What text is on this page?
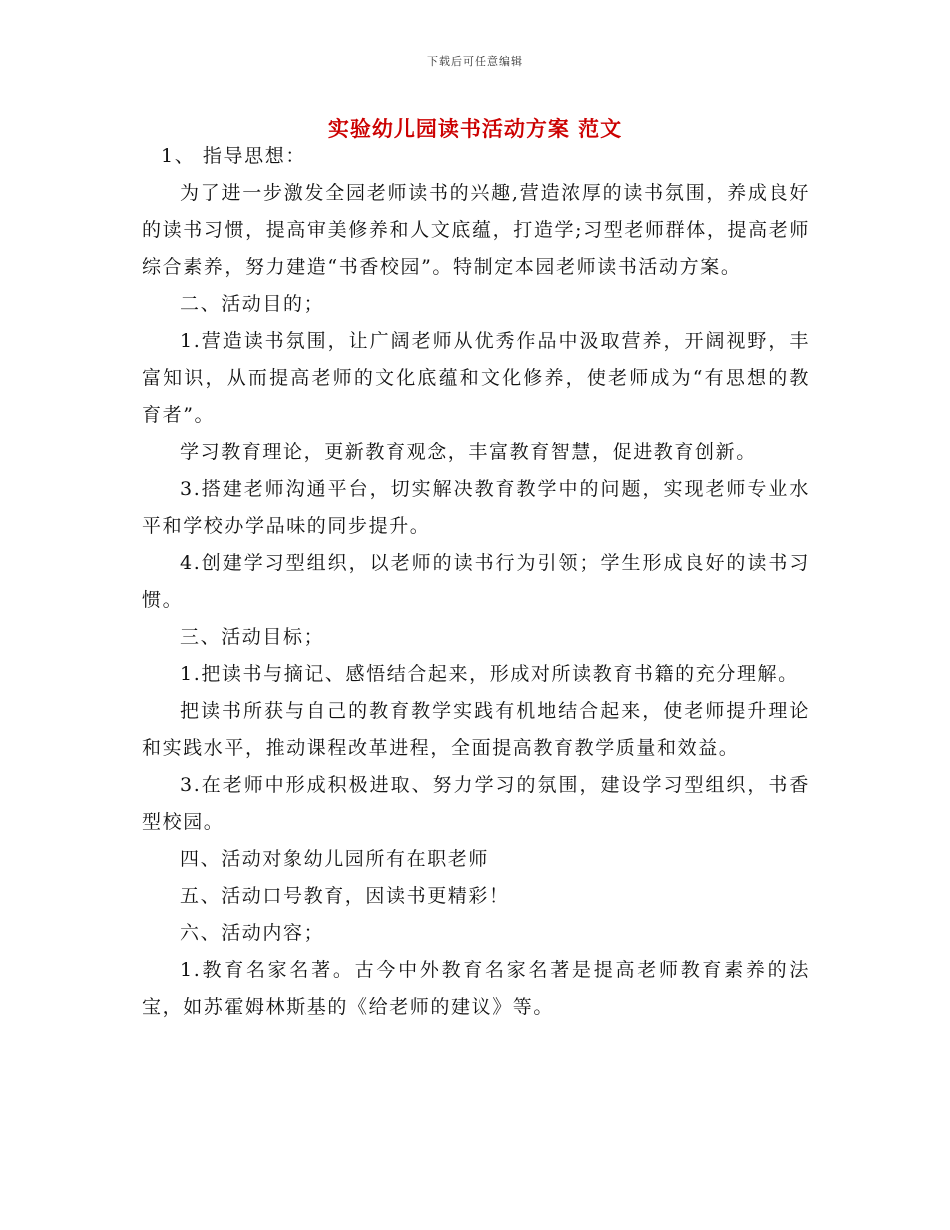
下载后可任意编辑
实验幼儿园读书活动方案 范文

1、 指导思想：

为了进一步激发全园老师读书的兴趣,营造浓厚的读书氛围，养成良好的读书习惯，提高审美修养和人文底蕴，打造学;习型老师群体，提高老师综合素养，努力建造“书香校园”。特制定本园老师读书活动方案。

二、活动目的；

1.营造读书氛围，让广阔老师从优秀作品中汲取营养，开阔视野，丰富知识，从而提高老师的文化底蕴和文化修养，使老师成为“有思想的教育者”。

学习教育理论，更新教育观念，丰富教育智慧，促进教育创新。

3.搭建老师沟通平台，切实解决教育教学中的问题，实现老师专业水平和学校办学品味的同步提升。

4.创建学习型组织，以老师的读书行为引领；学生形成良好的读书习惯。

三、活动目标；

1.把读书与摘记、感悟结合起来，形成对所读教育书籍的充分理解。

把读书所获与自己的教育教学实践有机地结合起来，使老师提升理论和实践水平，推动课程改革进程，全面提高教育教学质量和效益。

3.在老师中形成积极进取、努力学习的氛围，建设学习型组织，书香型校园。

四、活动对象幼儿园所有在职老师

五、活动口号教育，因读书更精彩！

六、活动内容；

1.教育名家名著。古今中外教育名家名著是提高老师教育素养的法宝，如苏霍姆林斯基的《给老师的建议》等。
